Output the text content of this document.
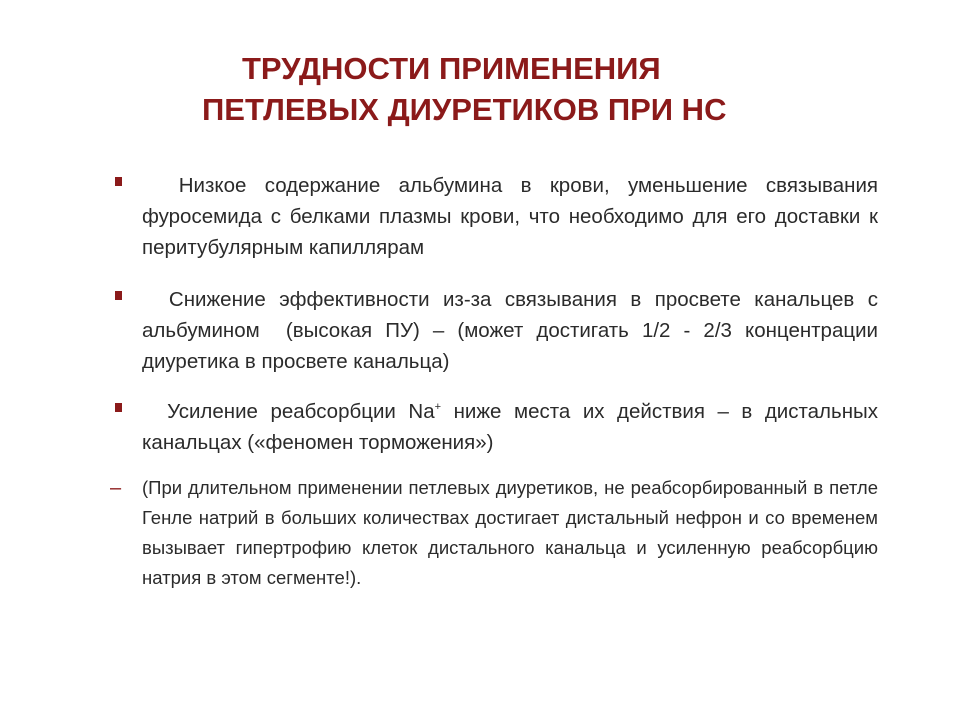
ТРУДНОСТИ ПРИМЕНЕНИЯ
ПЕТЛЕВЫХ ДИУРЕТИКОВ ПРИ НС
Низкое содержание альбумина в крови, уменьшение связывания фуросемида с белками плазмы крови, что необходимо для его доставки к перитубулярным капиллярам
Снижение эффективности из-за связывания в просвете канальцев с альбумином  (высокая ПУ) – (может достигать 1/2 - 2/3 концентрации диуретика в просвете канальца)
Усиление реабсорбции Na+ ниже места их действия – в дистальных канальцах («феномен торможения»)
– (При длительном применении петлевых диуретиков, не реабсорбированный в петле Генле натрий в больших количествах достигает дистальный нефрон и со временем вызывает гипертрофию клеток дистального канальца и усиленную реабсорбцию натрия в этом сегменте!).
